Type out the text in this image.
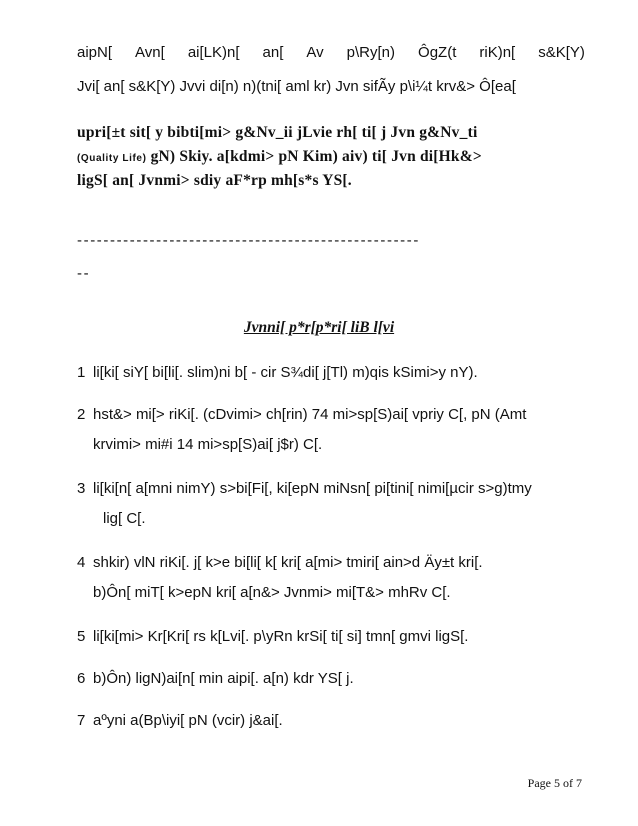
aipN[ Avn[ ai[LK)n[ an[ Av p\Ry[n) ÔgZ(t riK)n[ s&K[Y)
Jvi[ an[ s&K[Y) Jvvi di[n) n)(tni[ aml kr) Jvn sifÃy p\i¼t krv&> Ô[ea[
upri[±t sit[ y bibti[mi> g&Nv_ii jLvie rh[ ti[ j Jvn g&Nv_ti
(Quality Life) gN) Skiy. a[kdmi> pN Kim) aiv) ti[ Jvn di[Hk&>
ligS[ an[ Jvnmi> sdiy aF*rp mh[s*s YS[.
----------------------------------------------------
--
Jvnni[ p*r[p*ri[ liB l[vi
1 li[ki[ siY[ bi[li[. slim)ni b[ - cir S¾di[ j[Tl) m)qis kSimi>y nY).
2 hst&> mi[> riKi[. (cDvimi> ch[rin) 74 mi>sp[S)ai[ vpriy C[, pN (Amt
krvimi> mi#i 14 mi>sp[S)ai[ j$r) C[.
3 li[ki[n[ a[mni nimY) s>bi[Fi[, ki[epN miNsn[ pi[tini[ nimi[µcir s>g)tmy
lig[ C[.
4 shkir) vlN riKi[. j[ k>e bi[li[ k[ kri[ a[mi> tmiri[ ain>d Äy±t kri[.
b)Ôn[ miT[ k>epN kri[ a[n&> Jvnmi> mi[T&> mhRv C[.
5 li[ki[mi> Kr[Kri[ rs k[Lvi[. p\yRn krSi[ ti[ si] tmn[ gmvi ligS[.
6 b)Ôn) ligN)ai[n[ min aipi[. a[n) kdr YS[ j.
7 aºyni a(Bp\iyi[ pN (vcir) j&ai[.
Page 5 of 7
